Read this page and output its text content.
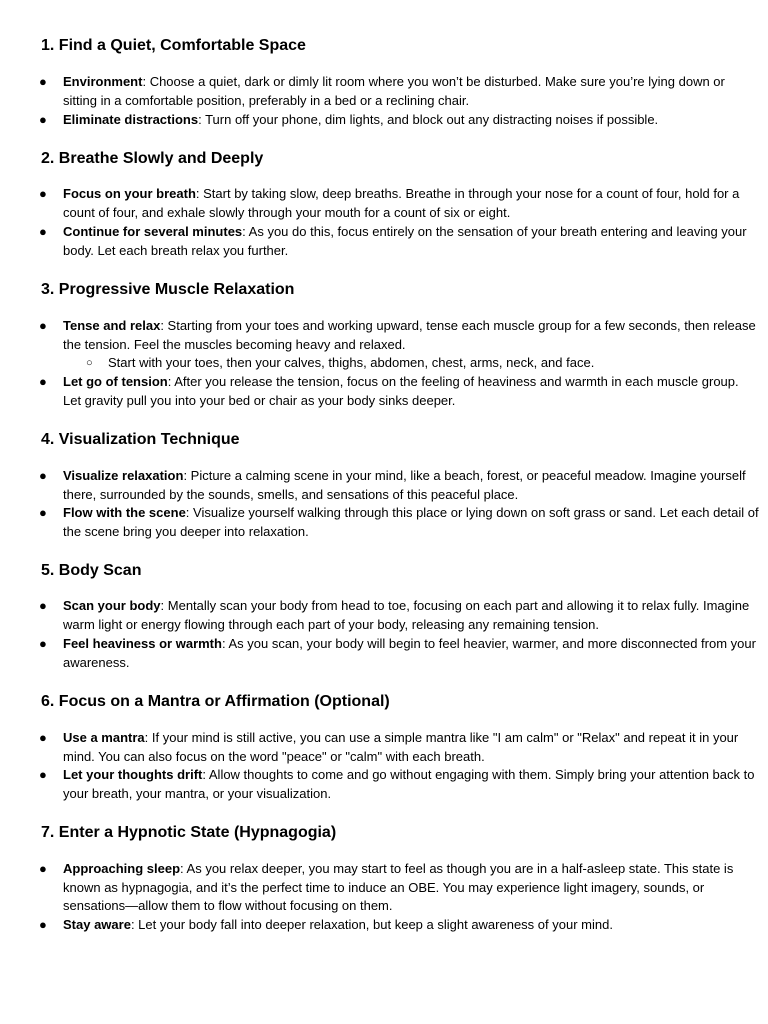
1. Find a Quiet, Comfortable Space
● Environment: Choose a quiet, dark or dimly lit room where you won’t be disturbed. Make sure you’re lying down or sitting in a comfortable position, preferably in a bed or a reclining chair.
● Eliminate distractions: Turn off your phone, dim lights, and block out any distracting noises if possible.
2. Breathe Slowly and Deeply
● Focus on your breath: Start by taking slow, deep breaths. Breathe in through your nose for a count of four, hold for a count of four, and exhale slowly through your mouth for a count of six or eight.
● Continue for several minutes: As you do this, focus entirely on the sensation of your breath entering and leaving your body. Let each breath relax you further.
3. Progressive Muscle Relaxation
● Tense and relax: Starting from your toes and working upward, tense each muscle group for a few seconds, then release the tension. Feel the muscles becoming heavy and relaxed.
○ Start with your toes, then your calves, thighs, abdomen, chest, arms, neck, and face.
● Let go of tension: After you release the tension, focus on the feeling of heaviness and warmth in each muscle group. Let gravity pull you into your bed or chair as your body sinks deeper.
4. Visualization Technique
● Visualize relaxation: Picture a calming scene in your mind, like a beach, forest, or peaceful meadow. Imagine yourself there, surrounded by the sounds, smells, and sensations of this peaceful place.
● Flow with the scene: Visualize yourself walking through this place or lying down on soft grass or sand. Let each detail of the scene bring you deeper into relaxation.
5. Body Scan
● Scan your body: Mentally scan your body from head to toe, focusing on each part and allowing it to relax fully. Imagine warm light or energy flowing through each part of your body, releasing any remaining tension.
● Feel heaviness or warmth: As you scan, your body will begin to feel heavier, warmer, and more disconnected from your awareness.
6. Focus on a Mantra or Affirmation (Optional)
● Use a mantra: If your mind is still active, you can use a simple mantra like "I am calm" or "Relax" and repeat it in your mind. You can also focus on the word "peace" or "calm" with each breath.
● Let your thoughts drift: Allow thoughts to come and go without engaging with them. Simply bring your attention back to your breath, your mantra, or your visualization.
7. Enter a Hypnotic State (Hypnagogia)
● Approaching sleep: As you relax deeper, you may start to feel as though you are in a half-asleep state. This state is known as hypnagogia, and it’s the perfect time to induce an OBE. You may experience light imagery, sounds, or sensations—allow them to flow without focusing on them.
● Stay aware: Let your body fall into deeper relaxation, but keep a slight awareness of your mind.
